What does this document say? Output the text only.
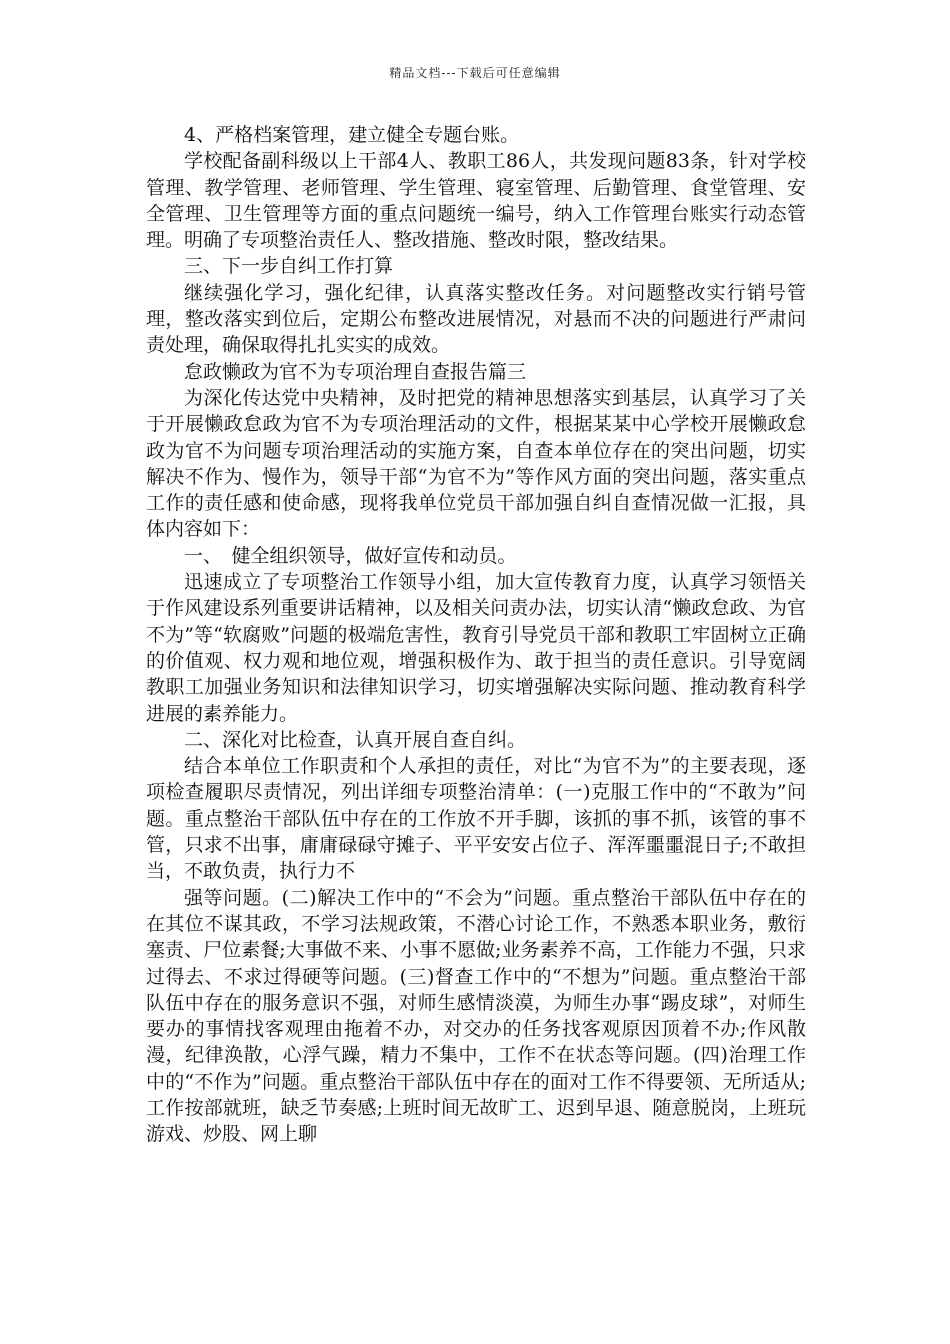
精品文档---下载后可任意编辑

4、严格档案管理，建立健全专题台账。

学校配备副科级以上干部4人、教职工86人，共发现问题83条，针对学校管理、教学管理、老师管理、学生管理、寝室管理、后勤管理、食堂管理、安全管理、卫生管理等方面的重点问题统一编号，纳入工作管理台账实行动态管理。明确了专项整治责任人、整改措施、整改时限，整改结果。

三、下一步自纠工作打算

继续强化学习，强化纪律，认真落实整改任务。对问题整改实行销号管理，整改落实到位后，定期公布整改进展情况，对悬而不决的问题进行严肃问责处理，确保取得扎扎实实的成效。

怠政懒政为官不为专项治理自查报告篇三

为深化传达党中央精神，及时把党的精神思想落实到基层，认真学习了关于开展懒政怠政为官不为专项治理活动的文件，根据某某中心学校开展懒政怠政为官不为问题专项治理活动的实施方案，自查本单位存在的突出问题，切实解决不作为、慢作为，领导干部“为官不为”等作风方面的突出问题，落实重点工作的责任感和使命感，现将我单位党员干部加强自纠自查情况做一汇报，具体内容如下：

一、　健全组织领导，做好宣传和动员。

迅速成立了专项整治工作领导小组，加大宣传教育力度，认真学习领悟关于作风建设系列重要讲话精神，以及相关问责办法，切实认清“懒政怠政、为官不为”等“软腐败”问题的极端危害性，教育引导党员干部和教职工牢固树立正确的价值观、权力观和地位观，增强积极作为、敢于担当的责任意识。引导宽阔教职工加强业务知识和法律知识学习，切实增强解决实际问题、推动教育科学进展的素养能力。

二、深化对比检查，认真开展自查自纠。

结合本单位工作职责和个人承担的责任，对比“为官不为”的主要表现，逐项检查履职尽责情况，列出详细专项整治清单：(一)克服工作中的“不敢为”问题。重点整治干部队伍中存在的工作放不开手脚，该抓的事不抓，该管的事不管，只求不出事，庸庸碌碌守摊子、平平安安占位子、浑浑噩噩混日子;不敢担当，不敢负责，执行力不

强等问题。(二)解决工作中的“不会为”问题。重点整治干部队伍中存在的在其位不谋其政，不学习法规政策，不潜心讨论工作，不熟悉本职业务，敷衍塞责、尸位素餐;大事做不来、小事不愿做;业务素养不高，工作能力不强，只求过得去、不求过得硬等问题。(三)督查工作中的“不想为”问题。重点整治干部队伍中存在的服务意识不强，对师生感情淡漠，为师生办事“踢皮球”，对师生要办的事情找客观理由拖着不办，对交办的任务找客观原因顶着不办;作风散漫，纪律涣散，心浮气躁，精力不集中，工作不在状态等问题。(四)治理工作中的“不作为”问题。重点整治干部队伍中存在的面对工作不得要领、无所适从;工作按部就班，缺乏节奏感;上班时间无故旷工、迟到早退、随意脱岗，上班玩游戏、炒股、网上聊
